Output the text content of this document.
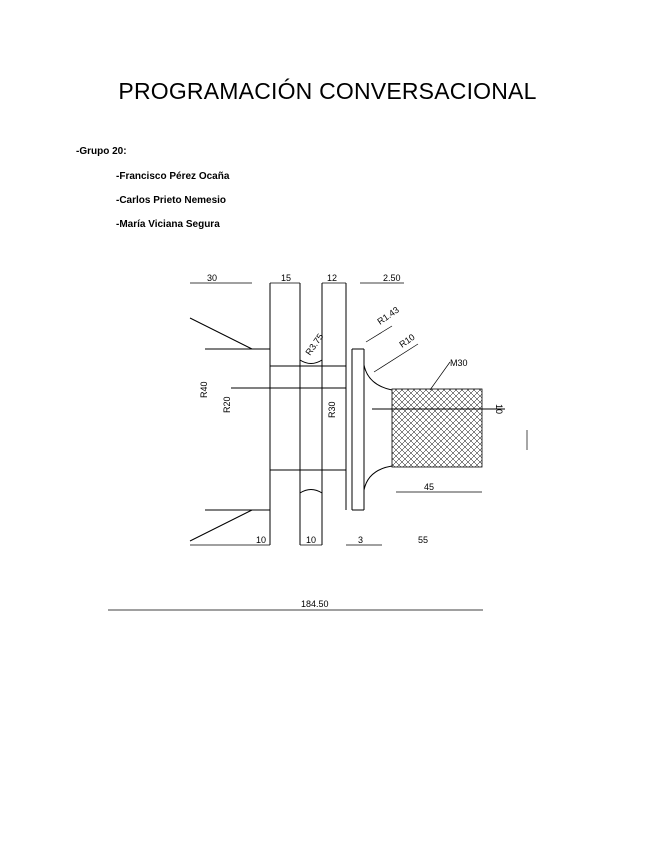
PROGRAMACIÓN CONVERSACIONAL
-Grupo 20:
-Francisco Pérez Ocaña
-Carlos Prieto Nemesio
-María Viciana Segura
30	15	12	2.50
R1.43
R3.75	R10
M30
R40
R20	R30	10
45
10	10	3	55
184.50
